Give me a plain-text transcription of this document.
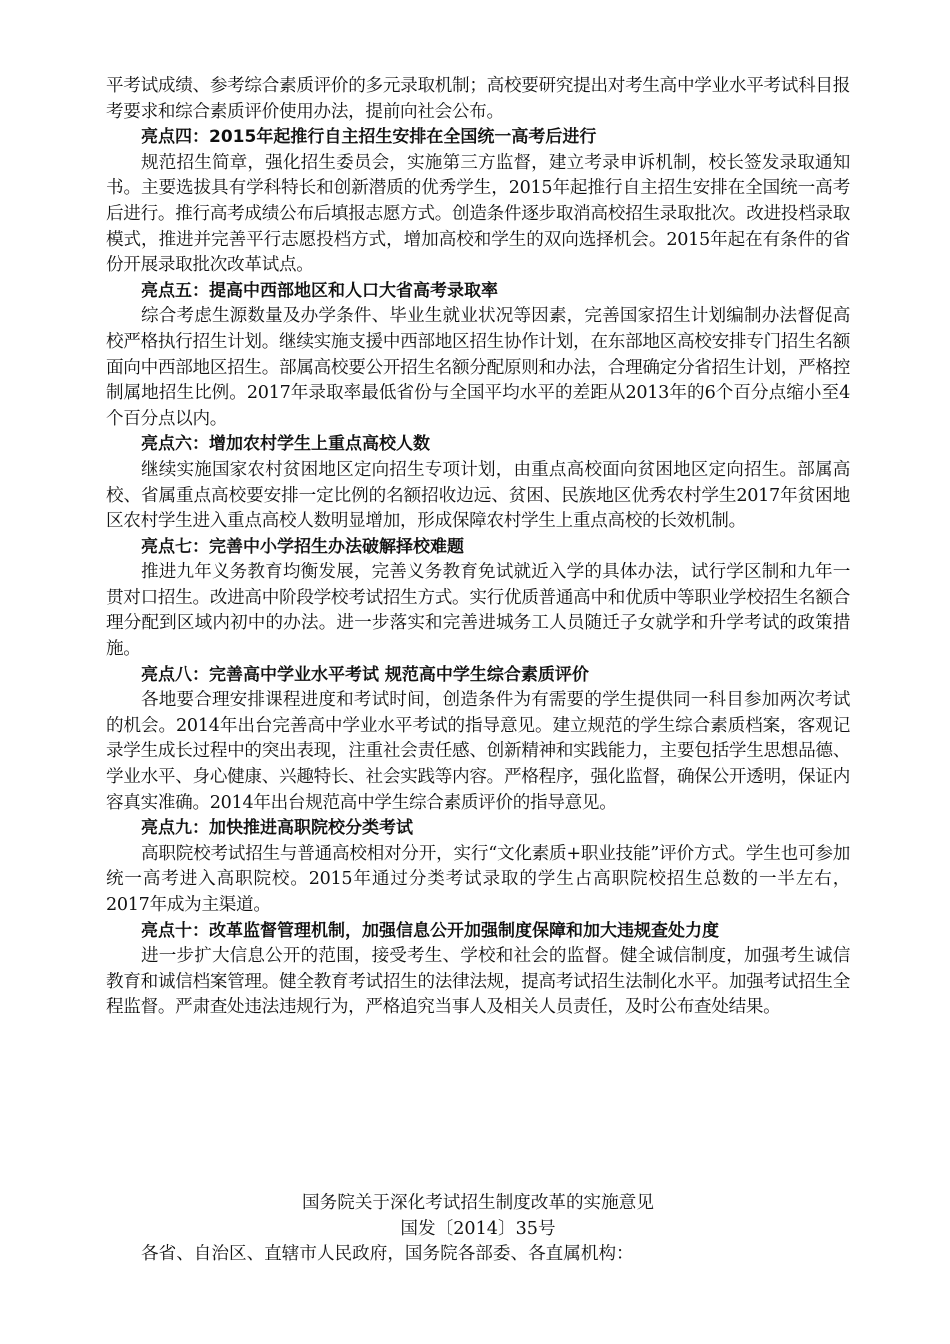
平考试成绩、参考综合素质评价的多元录取机制；高校要研究提出对考生高中学业水平考试科目报考要求和综合素质评价使用办法，提前向社会公布。

亮点四：2015年起推行自主招生安排在全国统一高考后进行

规范招生简章，强化招生委员会，实施第三方监督，建立考录申诉机制，校长签发录取通知书。主要选拔具有学科特长和创新潜质的优秀学生，2015年起推行自主招生安排在全国统一高考后进行。推行高考成绩公布后填报志愿方式。创造条件逐步取消高校招生录取批次。改进投档录取模式，推进并完善平行志愿投档方式，增加高校和学生的双向选择机会。2015年起在有条件的省份开展录取批次改革试点。

亮点五：提高中西部地区和人口大省高考录取率

综合考虑生源数量及办学条件、毕业生就业状况等因素，完善国家招生计划编制办法督促高校严格执行招生计划。继续实施支援中西部地区招生协作计划，在东部地区高校安排专门招生名额面向中西部地区招生。部属高校要公开招生名额分配原则和办法，合理确定分省招生计划，严格控制属地招生比例。2017年录取率最低省份与全国平均水平的差距从2013年的6个百分点缩小至4个百分点以内。

亮点六：增加农村学生上重点高校人数

继续实施国家农村贫困地区定向招生专项计划，由重点高校面向贫困地区定向招生。部属高校、省属重点高校要安排一定比例的名额招收边远、贫困、民族地区优秀农村学生2017年贫困地区农村学生进入重点高校人数明显增加，形成保障农村学生上重点高校的长效机制。

亮点七：完善中小学招生办法破解择校难题

推进九年义务教育均衡发展，完善义务教育免试就近入学的具体办法，试行学区制和九年一贯对口招生。改进高中阶段学校考试招生方式。实行优质普通高中和优质中等职业学校招生名额合理分配到区域内初中的办法。进一步落实和完善进城务工人员随迁子女就学和升学考试的政策措施。

亮点八：完善高中学业水平考试 规范高中学生综合素质评价

各地要合理安排课程进度和考试时间，创造条件为有需要的学生提供同一科目参加两次考试的机会。2014年出台完善高中学业水平考试的指导意见。建立规范的学生综合素质档案，客观记录学生成长过程中的突出表现，注重社会责任感、创新精神和实践能力，主要包括学生思想品德、学业水平、身心健康、兴趣特长、社会实践等内容。严格程序，强化监督，确保公开透明，保证内容真实准确。2014年出台规范高中学生综合素质评价的指导意见。

亮点九：加快推进高职院校分类考试

高职院校考试招生与普通高校相对分开，实行“文化素质+职业技能”评价方式。学生也可参加统一高考进入高职院校。2015年通过分类考试录取的学生占高职院校招生总数的一半左右，2017年成为主渠道。

亮点十：改革监督管理机制，加强信息公开加强制度保障和加大违规查处力度

进一步扩大信息公开的范围，接受考生、学校和社会的监督。健全诚信制度，加强考生诚信教育和诚信档案管理。健全教育考试招生的法律法规，提高考试招生法制化水平。加强考试招生全程监督。严肃查处违法违规行为，严格追究当事人及相关人员责任，及时公布查处结果。

国务院关于深化考试招生制度改革的实施意见

国发〔2014〕35号

各省、自治区、直辖市人民政府，国务院各部委、各直属机构：
